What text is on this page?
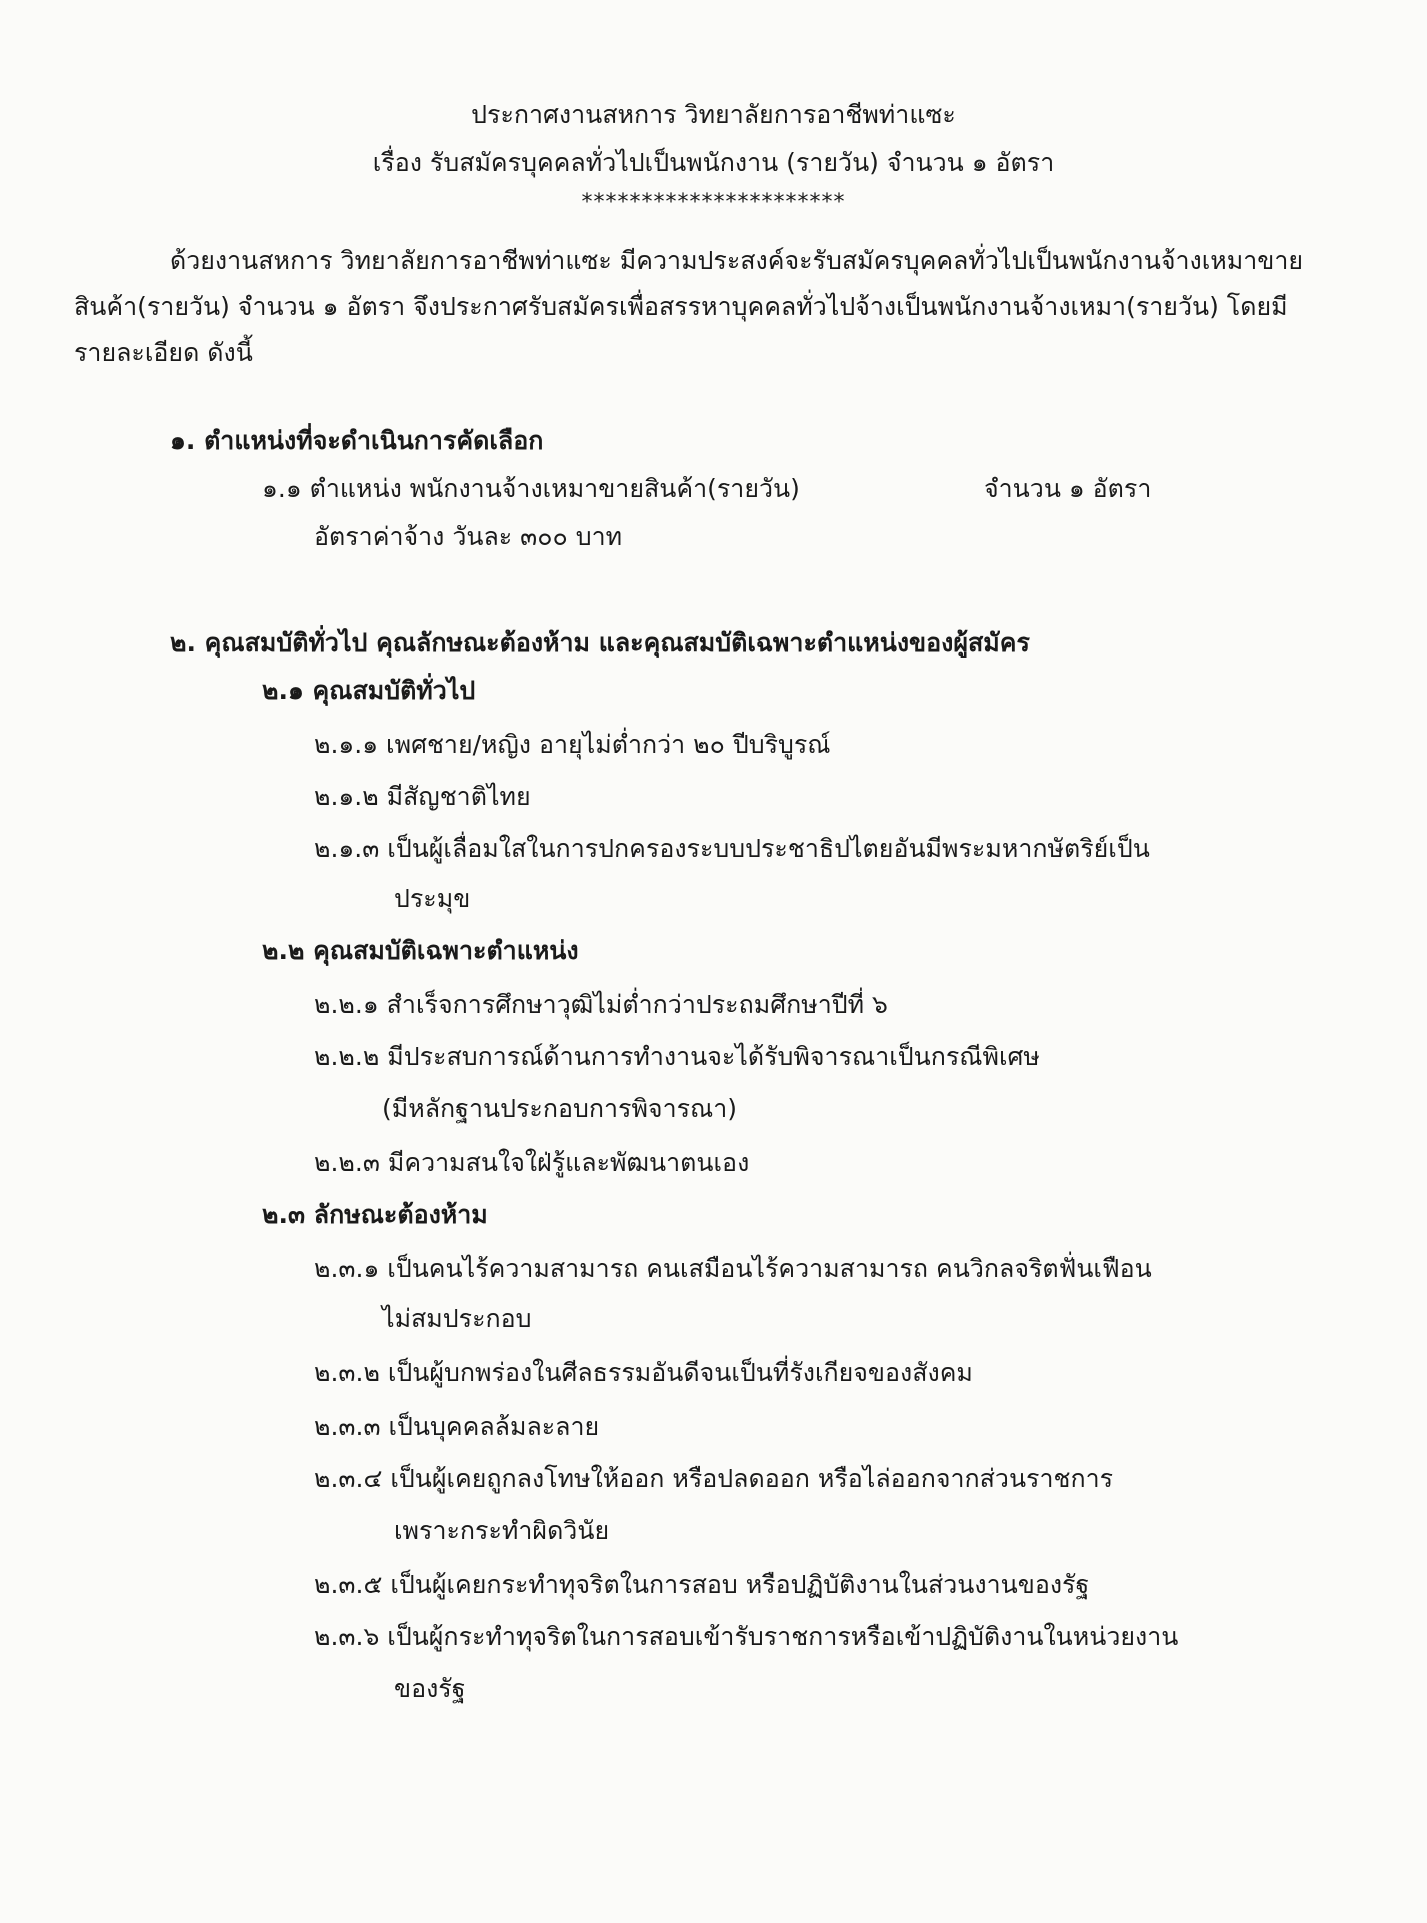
ประกาศงานสหการ วิทยาลัยการอาชีพท่าแซะ
เรื่อง รับสมัครบุคคลทั่วไปเป็นพนักงาน (รายวัน) จำนวน ๑ อัตรา
**********************
ด้วยงานสหการ วิทยาลัยการอาชีพท่าแซะ มีความประสงค์จะรับสมัครบุคคลทั่วไปเป็นพนักงานจ้างเหมาขาย
สินค้า(รายวัน) จำนวน ๑ อัตรา จึงประกาศรับสมัครเพื่อสรรหาบุคคลทั่วไปจ้างเป็นพนักงานจ้างเหมา(รายวัน) โดยมี
รายละเอียด ดังนี้
๑. ตำแหน่งที่จะดำเนินการคัดเลือก
๑.๑ ตำแหน่ง พนักงานจ้างเหมาขายสินค้า(รายวัน)	จำนวน ๑ อัตรา
อัตราค่าจ้าง วันละ ๓๐๐ บาท
๒. คุณสมบัติทั่วไป คุณลักษณะต้องห้าม และคุณสมบัติเฉพาะตำแหน่งของผู้สมัคร
๒.๑ คุณสมบัติทั่วไป
๒.๑.๑ เพศชาย/หญิง อายุไม่ต่ำกว่า ๒๐ ปีบริบูรณ์
๒.๑.๒ มีสัญชาติไทย
๒.๑.๓ เป็นผู้เลื่อมใสในการปกครองระบบประชาธิปไตยอันมีพระมหากษัตริย์เป็น
ประมุข
๒.๒ คุณสมบัติเฉพาะตำแหน่ง
๒.๒.๑ สำเร็จการศึกษาวุฒิไม่ต่ำกว่าประถมศึกษาปีที่ ๖
๒.๒.๒ มีประสบการณ์ด้านการทำงานจะได้รับพิจารณาเป็นกรณีพิเศษ
(มีหลักฐานประกอบการพิจารณา)
๒.๒.๓ มีความสนใจใฝ่รู้และพัฒนาตนเอง
๒.๓ ลักษณะต้องห้าม
๒.๓.๑ เป็นคนไร้ความสามารถ คนเสมือนไร้ความสามารถ คนวิกลจริตฟั่นเฟือน
ไม่สมประกอบ
๒.๓.๒ เป็นผู้บกพร่องในศีลธรรมอันดีจนเป็นที่รังเกียจของสังคม
๒.๓.๓ เป็นบุคคลล้มละลาย
๒.๓.๔ เป็นผู้เคยถูกลงโทษให้ออก หรือปลดออก หรือไล่ออกจากส่วนราชการ
เพราะกระทำผิดวินัย
๒.๓.๕ เป็นผู้เคยกระทำทุจริตในการสอบ หรือปฏิบัติงานในส่วนงานของรัฐ
๒.๓.๖ เป็นผู้กระทำทุจริตในการสอบเข้ารับราชการหรือเข้าปฏิบัติงานในหน่วยงาน
ของรัฐ
